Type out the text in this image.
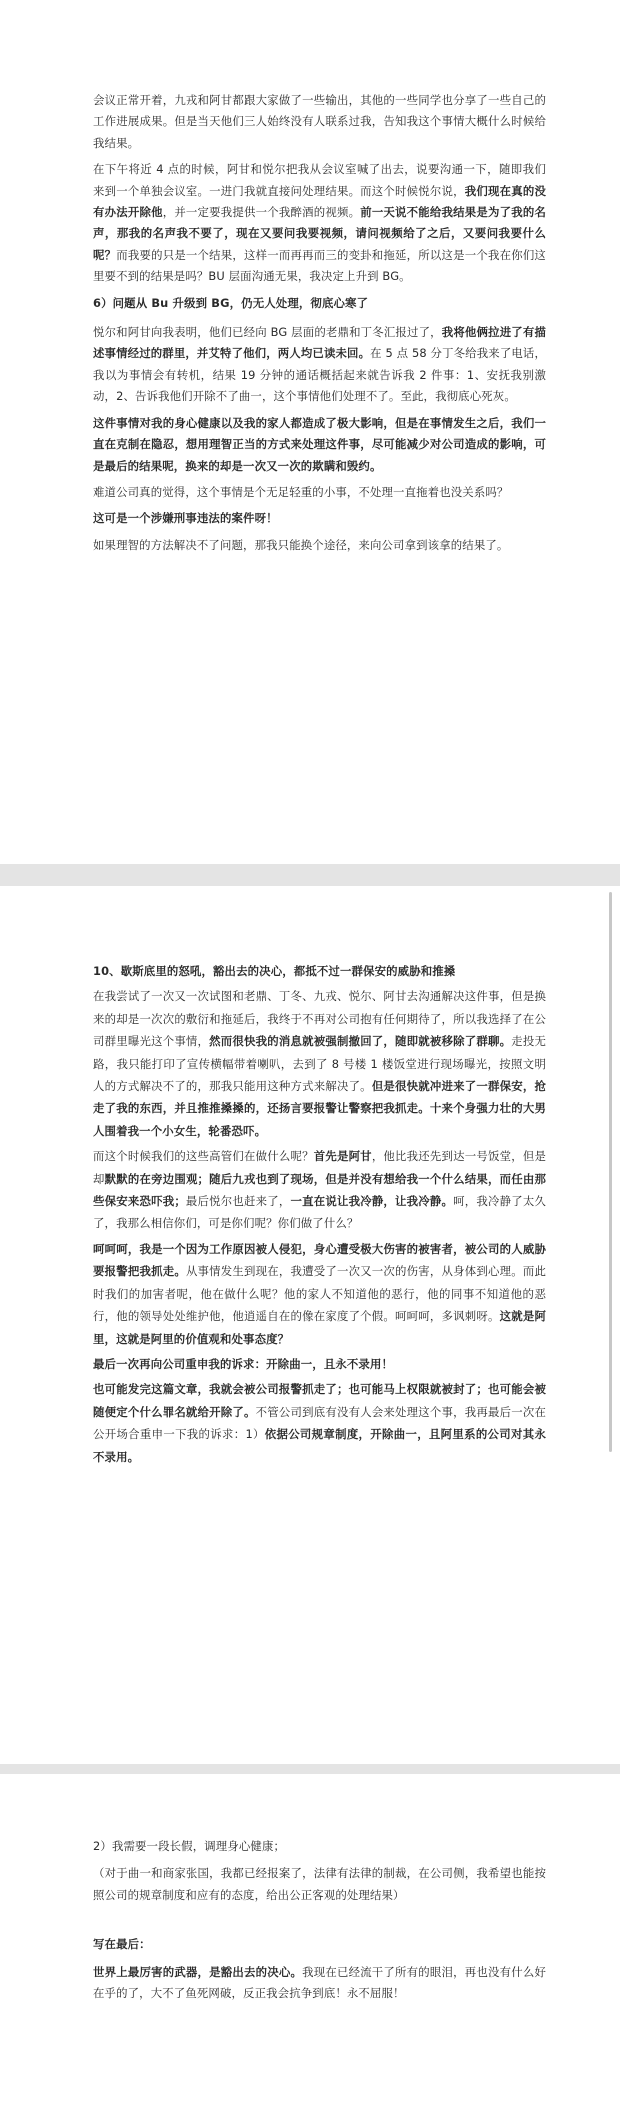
会议正常开着，九戎和阿甘都跟大家做了一些输出，其他的一些同学也分享了一些自己的工作进展成果。但是当天他们三人始终没有人联系过我，告知我这个事情大概什么时候给我结果。

在下午将近 4 点的时候，阿甘和悦尔把我从会议室喊了出去，说要沟通一下，随即我们来到一个单独会议室。一进门我就直接问处理结果。而这个时候悦尔说，我们现在真的没有办法开除他，并一定要我提供一个我醉酒的视频。前一天说不能给我结果是为了我的名声，那我的名声我不要了，现在又要问我要视频，请问视频给了之后，又要问我要什么呢？而我要的只是一个结果，这样一而再再而三的变卦和拖延，所以这是一个我在你们这里要不到的结果是吗？BU 层面沟通无果，我决定上升到 BG。

6）问题从 Bu 升级到 BG，仍无人处理，彻底心寒了

悦尔和阿甘向我表明，他们已经向 BG 层面的老鼎和丁冬汇报过了，我将他俩拉进了有描述事情经过的群里，并艾特了他们，两人均已读未回。在 5 点 58 分丁冬给我来了电话，我以为事情会有转机，结果 19 分钟的通话概括起来就告诉我 2 件事：1、安抚我别激动，2、告诉我他们开除不了曲一，这个事情他们处理不了。至此，我彻底心死灰。

这件事情对我的身心健康以及我的家人都造成了极大影响，但是在事情发生之后，我们一直在克制在隐忍，想用理智正当的方式来处理这件事，尽可能减少对公司造成的影响，可是最后的结果呢，换来的却是一次又一次的欺瞒和毁约。

难道公司真的觉得，这个事情是个无足轻重的小事，不处理一直拖着也没关系吗？

这可是一个涉嫌刑事违法的案件呀！

如果理智的方法解决不了问题，那我只能换个途径，来向公司拿到该拿的结果了。

10、歇斯底里的怒吼，豁出去的决心，都抵不过一群保安的威胁和推搡

在我尝试了一次又一次试图和老鼎、丁冬、九戎、悦尔、阿甘去沟通解决这件事，但是换来的却是一次次的敷衍和拖延后，我终于不再对公司抱有任何期待了，所以我选择了在公司群里曝光这个事情，然而很快我的消息就被强制撤回了，随即就被移除了群聊。走投无路，我只能打印了宣传横幅带着喇叭，去到了 8 号楼 1 楼饭堂进行现场曝光，按照文明人的方式解决不了的，那我只能用这种方式来解决了。但是很快就冲进来了一群保安，抢走了我的东西，并且推推搡搡的，还扬言要报警让警察把我抓走。十来个身强力壮的大男人围着我一个小女生，轮番恐吓。

而这个时候我们的这些高管们在做什么呢？首先是阿甘，他比我还先到达一号饭堂，但是却默默的在旁边围观；随后九戎也到了现场，但是并没有想给我一个什么结果，而任由那些保安来恐吓我；最后悦尔也赶来了，一直在说让我冷静，让我冷静。呵，我冷静了太久了，我那么相信你们，可是你们呢？你们做了什么？

呵呵呵，我是一个因为工作原因被人侵犯，身心遭受极大伤害的被害者，被公司的人威胁要报警把我抓走。从事情发生到现在，我遭受了一次又一次的伤害，从身体到心理。而此时我们的加害者呢，他在做什么呢？他的家人不知道他的恶行，他的同事不知道他的恶行，他的领导处处维护他，他逍遥自在的像在家度了个假。呵呵呵，多讽刺呀。这就是阿里，这就是阿里的价值观和处事态度？

最后一次再向公司重申我的诉求：开除曲一，且永不录用！

也可能发完这篇文章，我就会被公司报警抓走了；也可能马上权限就被封了；也可能会被随便定个什么罪名就给开除了。不管公司到底有没有人会来处理这个事，我再最后一次在公开场合重申一下我的诉求：1）依据公司规章制度，开除曲一，且阿里系的公司对其永不录用。

2）我需要一段长假，调理身心健康；

（对于曲一和商家张国，我都已经报案了，法律有法律的制裁，在公司侧，我希望也能按照公司的规章制度和应有的态度，给出公正客观的处理结果）

写在最后：

世界上最厉害的武器，是豁出去的决心。我现在已经流干了所有的眼泪，再也没有什么好在乎的了，大不了鱼死网破，反正我会抗争到底！永不屈服！
